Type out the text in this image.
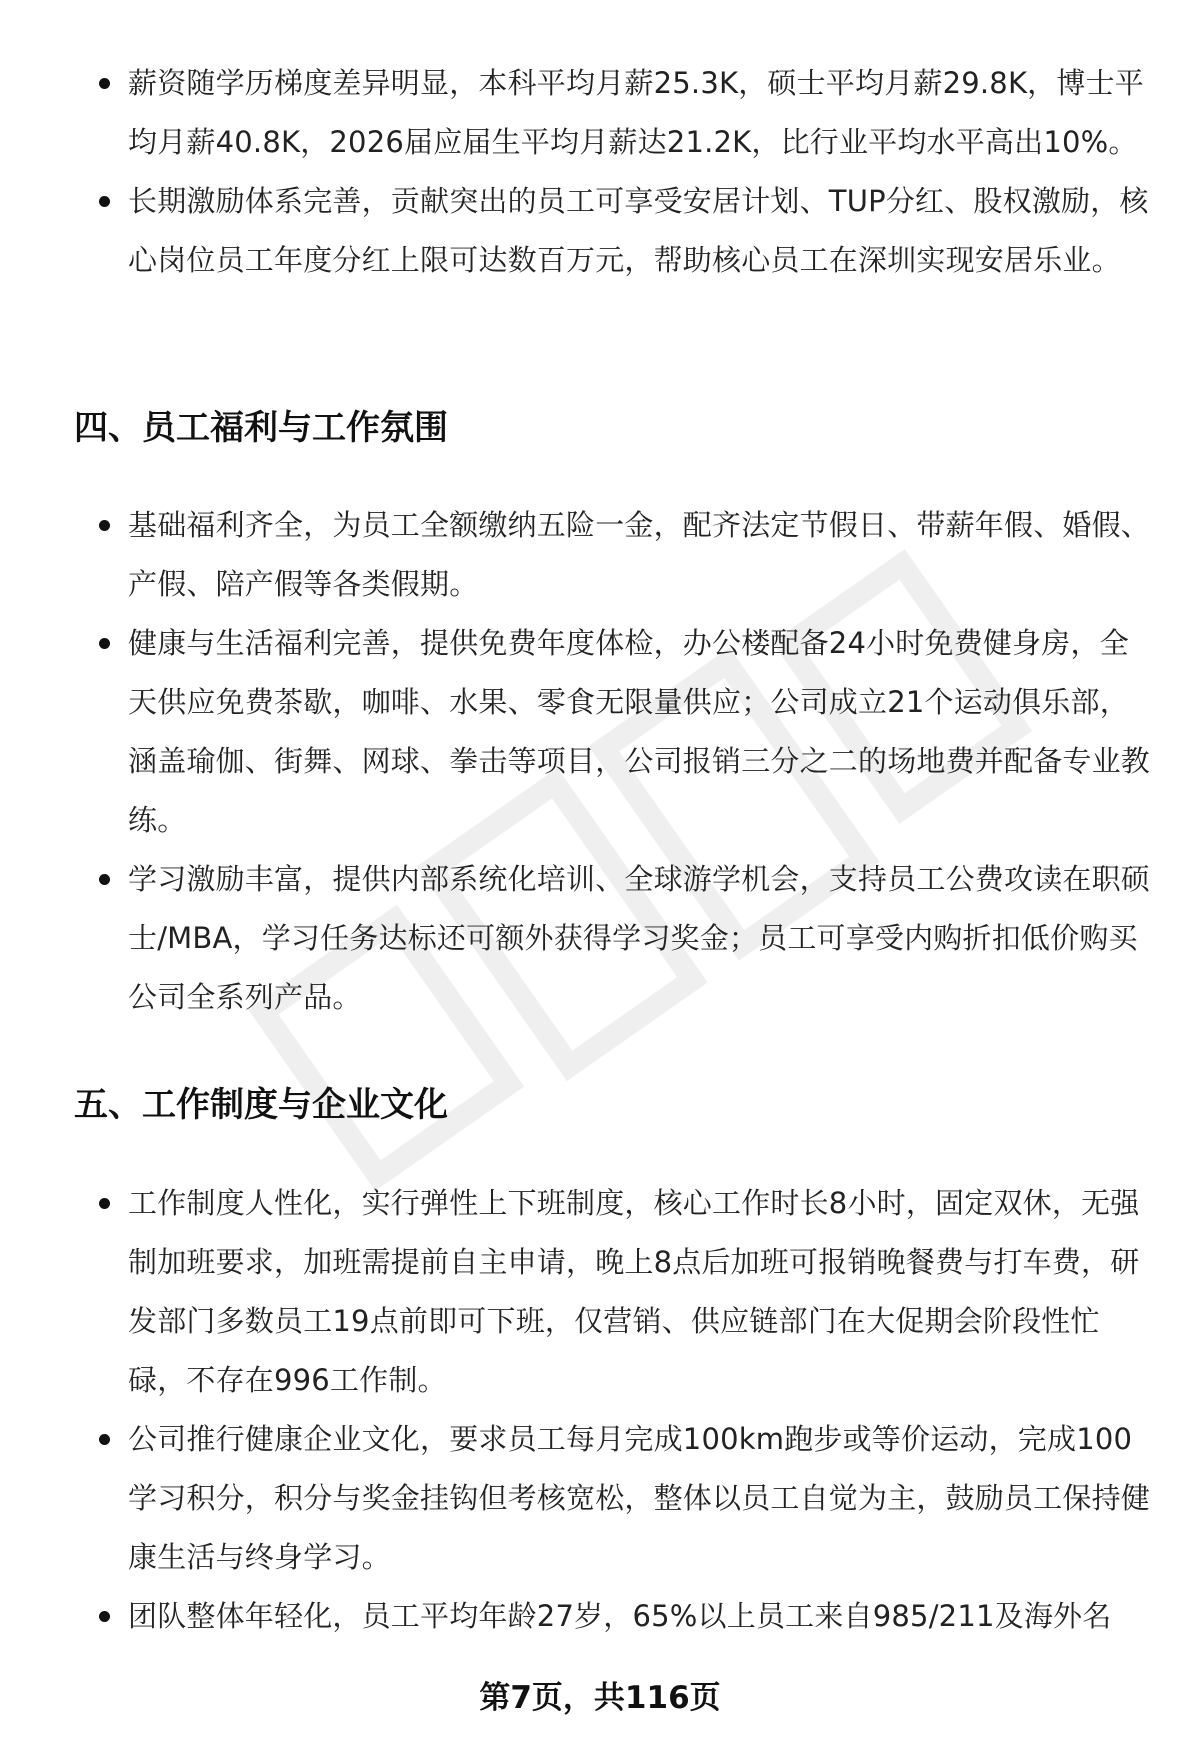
薪资随学历梯度差异明显，本科平均月薪25.3K，硕士平均月薪29.8K，博士平均月薪40.8K，2026届应届生平均月薪达21.2K，比行业平均水平高出10%。
长期激励体系完善，贡献突出的员工可享受安居计划、TUP分红、股权激励，核心岗位员工年度分红上限可达数百万元，帮助核心员工在深圳实现安居乐业。
四、员工福利与工作氛围
基础福利齐全，为员工全额缴纳五险一金，配齐法定节假日、带薪年假、婚假、产假、陪产假等各类假期。
健康与生活福利完善，提供免费年度体检，办公楼配备24小时免费健身房，全天供应免费茶歇，咖啡、水果、零食无限量供应；公司成立21个运动俱乐部，涵盖瑜伽、街舞、网球、拳击等项目，公司报销三分之二的场地费并配备专业教练。
学习激励丰富，提供内部系统化培训、全球游学机会，支持员工公费攻读在职硕士/MBA，学习任务达标还可额外获得学习奖金；员工可享受内购折扣低价购买公司全系列产品。
五、工作制度与企业文化
工作制度人性化，实行弹性上下班制度，核心工作时长8小时，固定双休，无强制加班要求，加班需提前自主申请，晚上8点后加班可报销晚餐费与打车费，研发部门多数员工19点前即可下班，仅营销、供应链部门在大促期会阶段性忙碌，不存在996工作制。
公司推行健康企业文化，要求员工每月完成100km跑步或等价运动，完成100学习积分，积分与奖金挂钩但考核宽松，整体以员工自觉为主，鼓励员工保持健康生活与终身学习。
团队整体年轻化，员工平均年龄27岁，65%以上员工来自985/211及海外名
第7页，共116页
